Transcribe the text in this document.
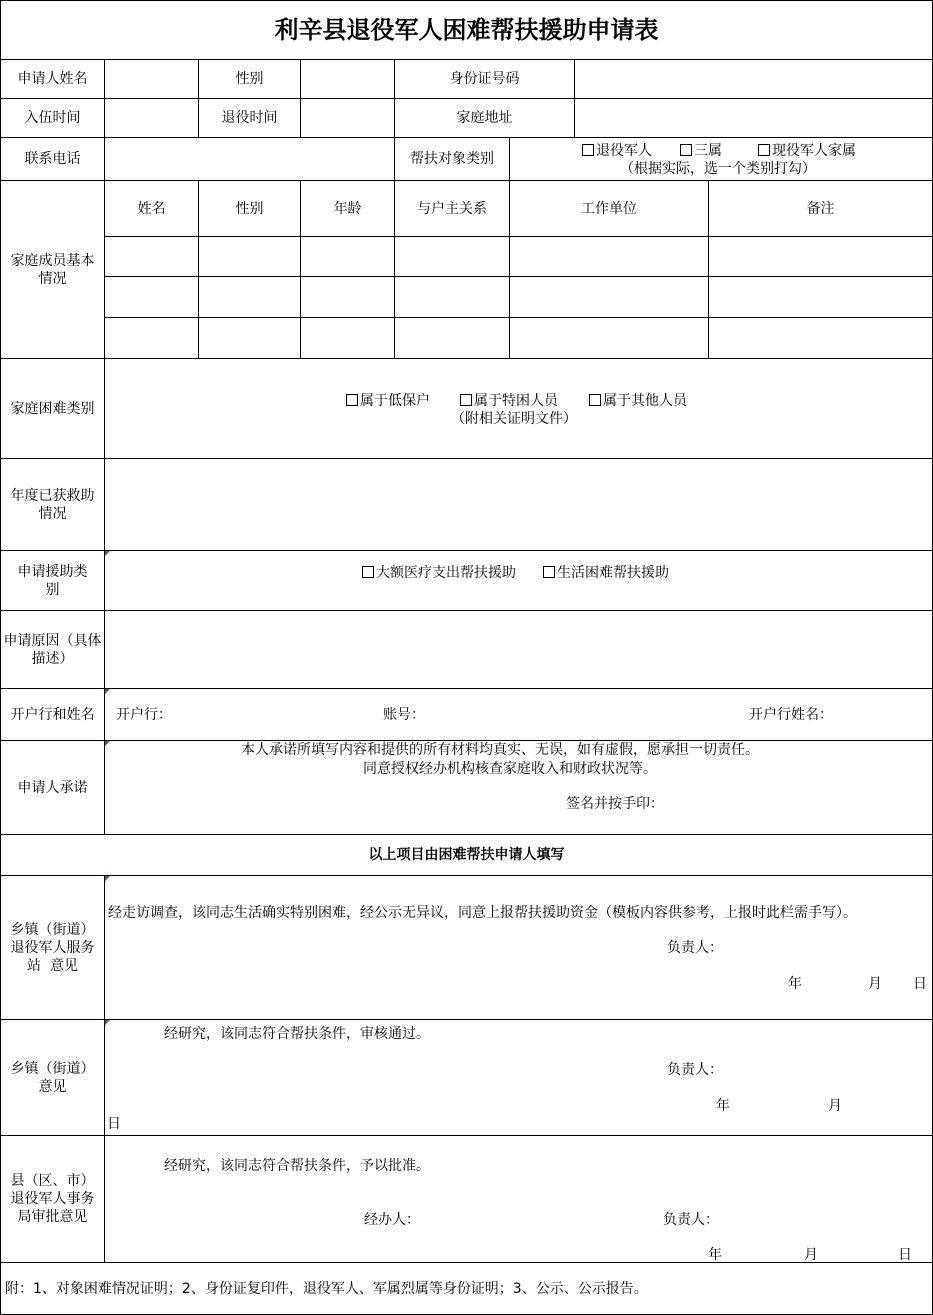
利辛县退役军人困难帮扶援助申请表
申请人姓名	性别	身份证号码
入伍时间	退役时间	家庭地址
联系电话	帮扶对象类别	退役军人	三属	现役军人家属
（根据实际，选一个类别打勾）
家庭成员基本情况
姓名	性别	年龄	与户主关系	工作单位	备注
家庭困难类别	属于低保户	属于特困人员	属于其他人员
（附相关证明文件）
年度已获救助情况
申请援助类别
大额医疗支出帮扶援助	生活困难帮扶援助
申请原因（具体描述）
开户行和姓名 开户行：	账号：	开户行姓名：
申请人承诺
本人承诺所填写内容和提供的所有材料均真实、无误，如有虚假，愿承担一切责任。
同意授权经办机构核查家庭收入和财政状况等。
签名并按手印：
以上项目由困难帮扶申请人填写
乡镇（街道）
退役军人服务
站  意见
经走访调查，该同志生活确实特别困难，经公示无异议，同意上报帮扶援助资金（模板内容供参考，上报时此栏需手写）。
负责人：
年	月 日
乡镇（街道）
意见
经研究，该同志符合帮扶条件，审核通过。
负责人：
年	月
日
县（区、市）
退役军人事务
局审批意见
经研究，该同志符合帮扶条件，予以批准。
经办人：	负责人：
年	月	日
附：1、对象困难情况证明；2、身份证复印件，退役军人、军属烈属等身份证明；3、公示、公示报告。
